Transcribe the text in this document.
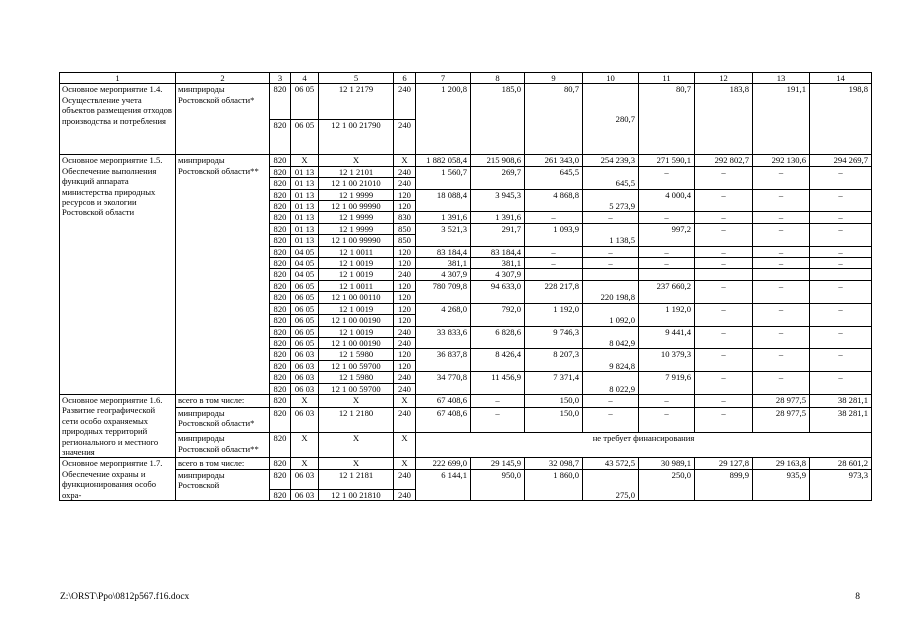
1	2	3	4	5	6	7	8	9	10	11	12	13	14
Основное мероприятие 1.4. Осуществление учета объектов размещения отходов производства и потребления	минприроды Ростовской области*	820	06 05	12 1 2179	240	1 200,8	185,0	80,7	280,7	80,7	183,8	191,1	198,8
		820	06 05	12 1 00 21790	240								
Основное мероприятие 1.5. Обеспечение выполнения функций аппарата министерства природных ресурсов и экологии Ростовской области	минприроды Ростовской области**	820	X	X	X	1 882 058,4	215 908,6	261 343,0	254 239,3	271 590,1	292 802,7	292 130,6	294 269,7
		820	01 13	12 1 2101	240	1 560,7	269,7	645,5	645,5	–	–	–	–
		820	01 13	12 1 00 21010	240								
		820	01 13	12 1 9999	120	18 088,4	3 945,3	4 868,8	5 273,9	4 000,4	–	–	–
		820	01 13	12 1 00 99990	120								
		820	01 13	12 1 9999	830	1 391,6	1 391,6	–	–	–	–	–	–
		820	01 13	12 1 9999	850	3 521,3	291,7	1 093,9	1 138,5	997,2	–	–	–
		820	01 13	12 1 00 99990	850								
		820	04 05	12 1 0011	120	83 184,4	83 184,4	–	–	–	–	–	–
		820	04 05	12 1 0019	120	381,1	381,1	–	–	–	–	–	–
		820	04 05	12 1 0019	240	4 307,9	4 307,9						
		820	06 05	12 1 0011	120	780 709,8	94 633,0	228 217,8	220 198,8	237 660,2	–	–	–
		820	06 05	12 1 00 00110	120								
		820	06 05	12 1 0019	120	4 268,0	792,0	1 192,0	1 092,0	1 192,0	–	–	–
		820	06 05	12 1 00 00190	120								
		820	06 05	12 1 0019	240	33 833,6	6 828,6	9 746,3	8 042,9	9 441,4	–	–	–
		820	06 05	12 1 00 00190	240								
		820	06 03	12 1 5980	120	36 837,8	8 426,4	8 207,3	9 824,8	10 379,3	–	–	–
		820	06 03	12 1 00 59700	120								
		820	06 03	12 1 5980	240	34 770,8	11 456,9	7 371,4	8 022,9	7 919,6	–	–	–
		820	06 03	12 1 00 59700	240								
Основное мероприятие 1.6. Развитие географической сети особо охраняемых природных территорий регионального и местного значения	всего в том числе:	820	X	X	X	67 408,6	–	150,0	–	–	–	28 977,5	38 281,1
	минприроды Ростовской области*	820	06 03	12 1 2180	240	67 408,6	–	150,0	–	–	–	28 977,5	38 281,1
	минприроды Ростовской области**	820	X	X	X	не требует финансирования							
Основное мероприятие 1.7. Обеспечение охраны и функционирования особо охра-	всего в том числе:	820	X	X	X	222 699,0	29 145,9	32 098,7	43 572,5	30 989,1	29 127,8	29 163,8	28 601,2
	минприроды Ростовской	820	06 03	12 1 2181	240	6 144,1	950,0	1 860,0	275,0	250,0	899,9	935,9	973,3
		820	06 03	12 1 00 21810	240								
Z:\ORST\Ppo\0812p567.f16.docx	8
